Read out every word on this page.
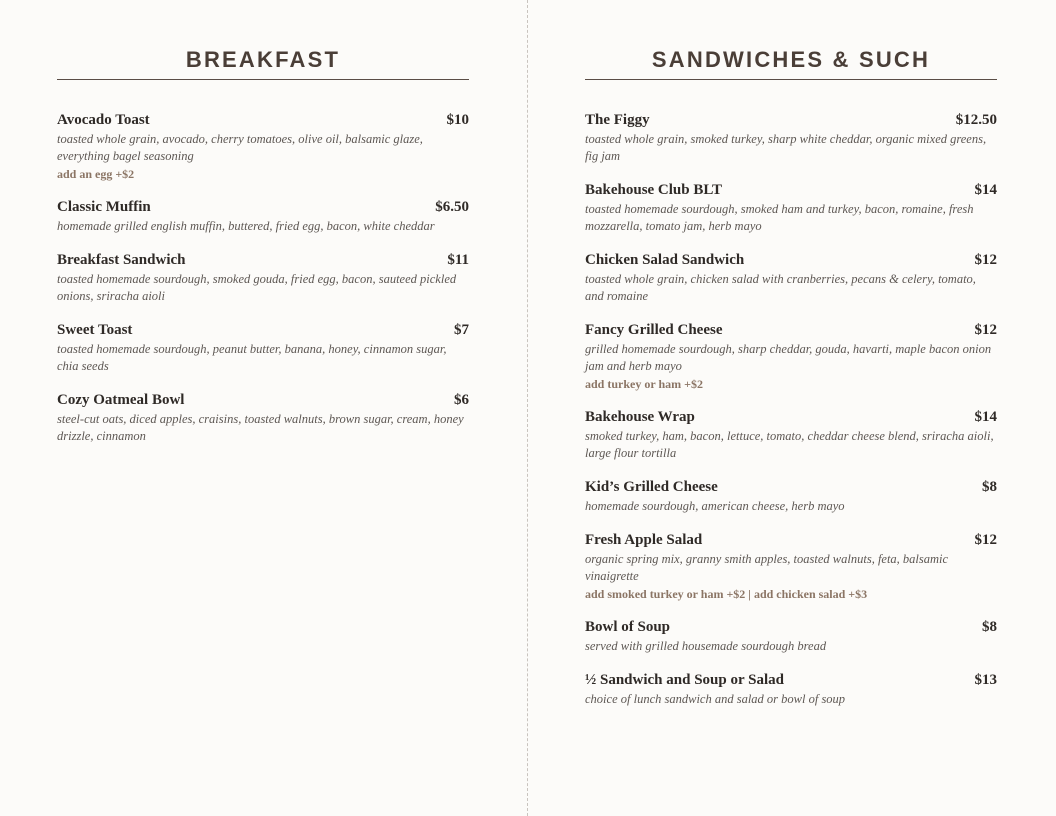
BREAKFAST
Avocado Toast	$10
toasted whole grain, avocado, cherry tomatoes, olive oil, balsamic glaze, everything bagel seasoning
add an egg +$2
Classic Muffin	$6.50
homemade grilled english muffin, buttered, fried egg, bacon, white cheddar
Breakfast Sandwich	$11
toasted homemade sourdough, smoked gouda, fried egg, bacon, sauteed pickled onions, sriracha aioli
Sweet Toast	$7
toasted homemade sourdough, peanut butter, banana, honey, cinnamon sugar, chia seeds
Cozy Oatmeal Bowl	$6
steel-cut oats, diced apples, craisins, toasted walnuts, brown sugar, cream, honey drizzle, cinnamon
SANDWICHES & SUCH
The Figgy	$12.50
toasted whole grain, smoked turkey, sharp white cheddar, organic mixed greens, fig jam
Bakehouse Club BLT	$14
toasted homemade sourdough, smoked ham and turkey, bacon, romaine, fresh mozzarella, tomato jam, herb mayo
Chicken Salad Sandwich	$12
toasted whole grain, chicken salad with cranberries, pecans & celery, tomato, and romaine
Fancy Grilled Cheese	$12
grilled homemade sourdough, sharp cheddar, gouda, havarti, maple bacon onion jam and herb mayo
add turkey or ham +$2
Bakehouse Wrap	$14
smoked turkey, ham, bacon, lettuce, tomato, cheddar cheese blend, sriracha aioli, large flour tortilla
Kid’s Grilled Cheese	$8
homemade sourdough, american cheese, herb mayo
Fresh Apple Salad	$12
organic spring mix, granny smith apples, toasted walnuts, feta, balsamic vinaigrette
add smoked turkey or ham +$2 | add chicken salad +$3
Bowl of Soup	$8
served with grilled housemade sourdough bread
½ Sandwich and Soup or Salad	$13
choice of lunch sandwich and salad or bowl of soup
